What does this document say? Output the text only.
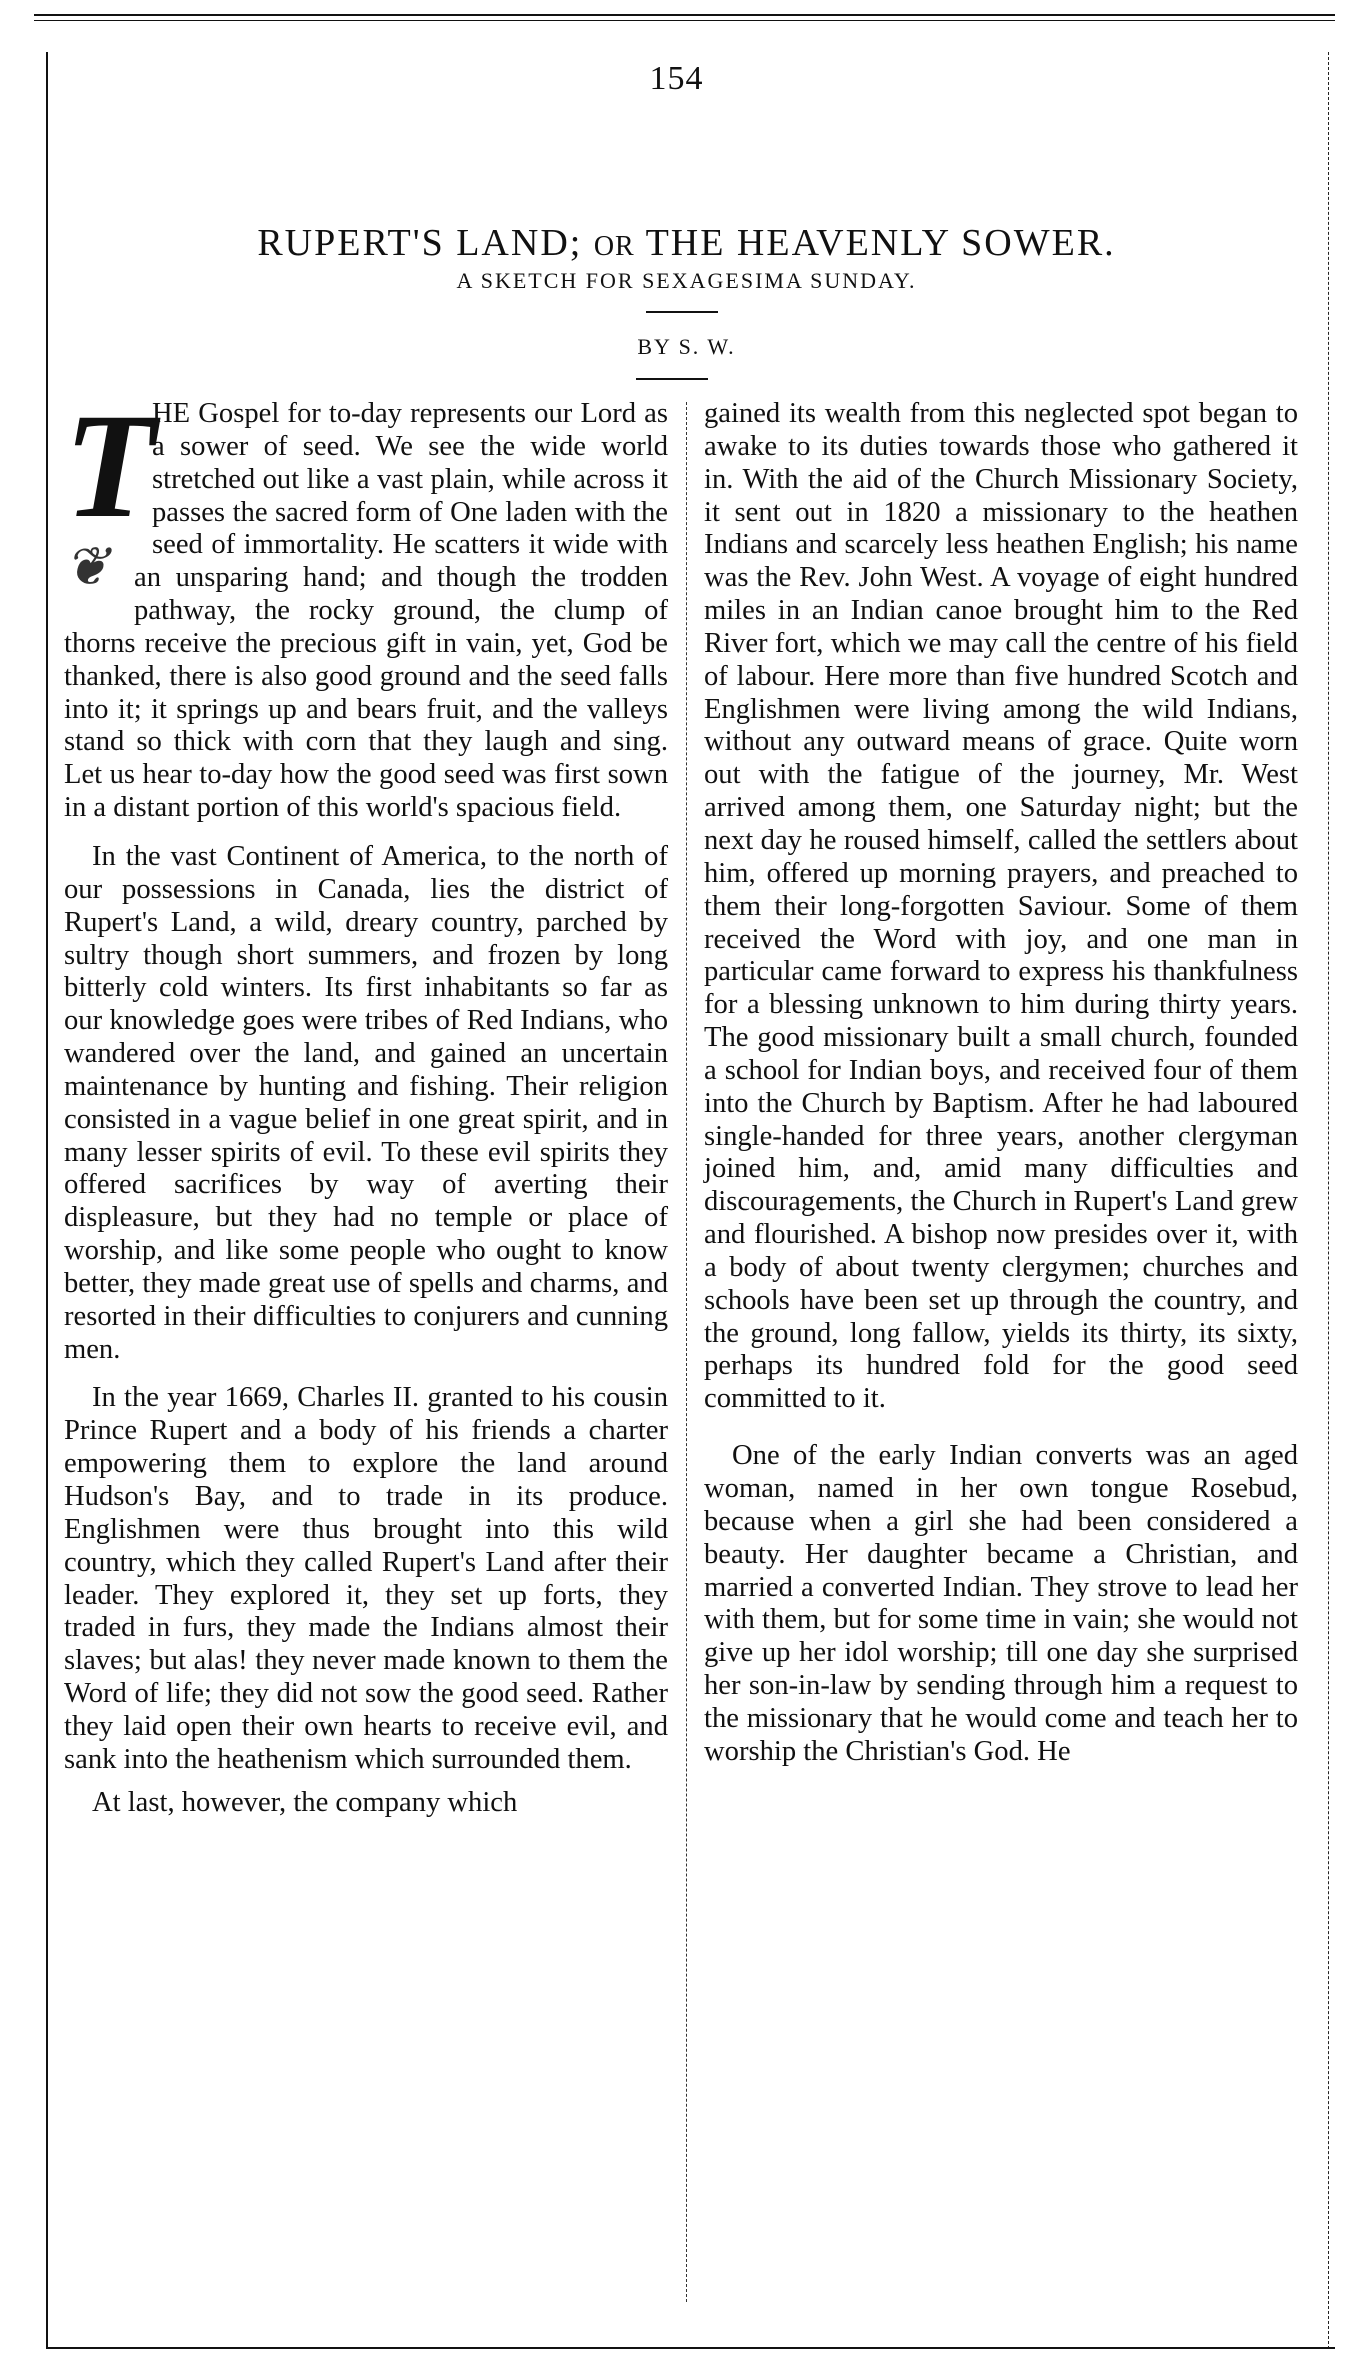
154
RUPERT'S LAND; OR THE HEAVENLY SOWER.
A SKETCH FOR SEXAGESIMA SUNDAY.
BY S. W.

T
❦
HE Gospel for to-day represents our Lord as a sower of seed. We see the wide world stretched out like a vast plain, while across it passes the sacred form of One laden with the seed of immortality. He scatters it wide with an unsparing hand; and though the trodden pathway, the rocky ground, the clump of thorns receive the precious gift in vain, yet, God be thanked, there is also good ground and the seed falls into it; it springs up and bears fruit, and the valleys stand so thick with corn that they laugh and sing. Let us hear to-day how the good seed was first sown in a distant portion of this world's spacious field.

In the vast Continent of America, to the north of our possessions in Canada, lies the district of Rupert's Land, a wild, dreary country, parched by sultry though short summers, and frozen by long bitterly cold winters. Its first inhabitants so far as our knowledge goes were tribes of Red Indians, who wandered over the land, and gained an uncertain maintenance by hunting and fishing. Their religion consisted in a vague belief in one great spirit, and in many lesser spirits of evil. To these evil spirits they offered sacrifices by way of averting their displeasure, but they had no temple or place of worship, and like some people who ought to know better, they made great use of spells and charms, and resorted in their difficulties to conjurers and cunning men.

In the year 1669, Charles II. granted to his cousin Prince Rupert and a body of his friends a charter empowering them to explore the land around Hudson's Bay, and to trade in its produce. Englishmen were thus brought into this wild country, which they called Rupert's Land after their leader. They explored it, they set up forts, they traded in furs, they made the Indians almost their slaves; but alas! they never made known to them the Word of life; they did not sow the good seed. Rather they laid open their own hearts to receive evil, and sank into the heathenism which surrounded them.

At last, however, the company which

gained its wealth from this neglected spot began to awake to its duties towards those who gathered it in. With the aid of the Church Missionary Society, it sent out in 1820 a missionary to the heathen Indians and scarcely less heathen English; his name was the Rev. John West. A voyage of eight hundred miles in an Indian canoe brought him to the Red River fort, which we may call the centre of his field of labour. Here more than five hundred Scotch and Englishmen were living among the wild Indians, without any outward means of grace. Quite worn out with the fatigue of the journey, Mr. West arrived among them, one Saturday night; but the next day he roused himself, called the settlers about him, offered up morning prayers, and preached to them their long-forgotten Saviour. Some of them received the Word with joy, and one man in particular came forward to express his thankfulness for a blessing unknown to him during thirty years. The good missionary built a small church, founded a school for Indian boys, and received four of them into the Church by Baptism. After he had laboured single-handed for three years, another clergyman joined him, and, amid many difficulties and discouragements, the Church in Rupert's Land grew and flourished. A bishop now presides over it, with a body of about twenty clergymen; churches and schools have been set up through the country, and the ground, long fallow, yields its thirty, its sixty, perhaps its hundred fold for the good seed committed to it.

One of the early Indian converts was an aged woman, named in her own tongue Rosebud, because when a girl she had been considered a beauty. Her daughter became a Christian, and married a converted Indian. They strove to lead her with them, but for some time in vain; she would not give up her idol worship; till one day she surprised her son-in-law by sending through him a request to the missionary that he would come and teach her to worship the Christian's God. He
